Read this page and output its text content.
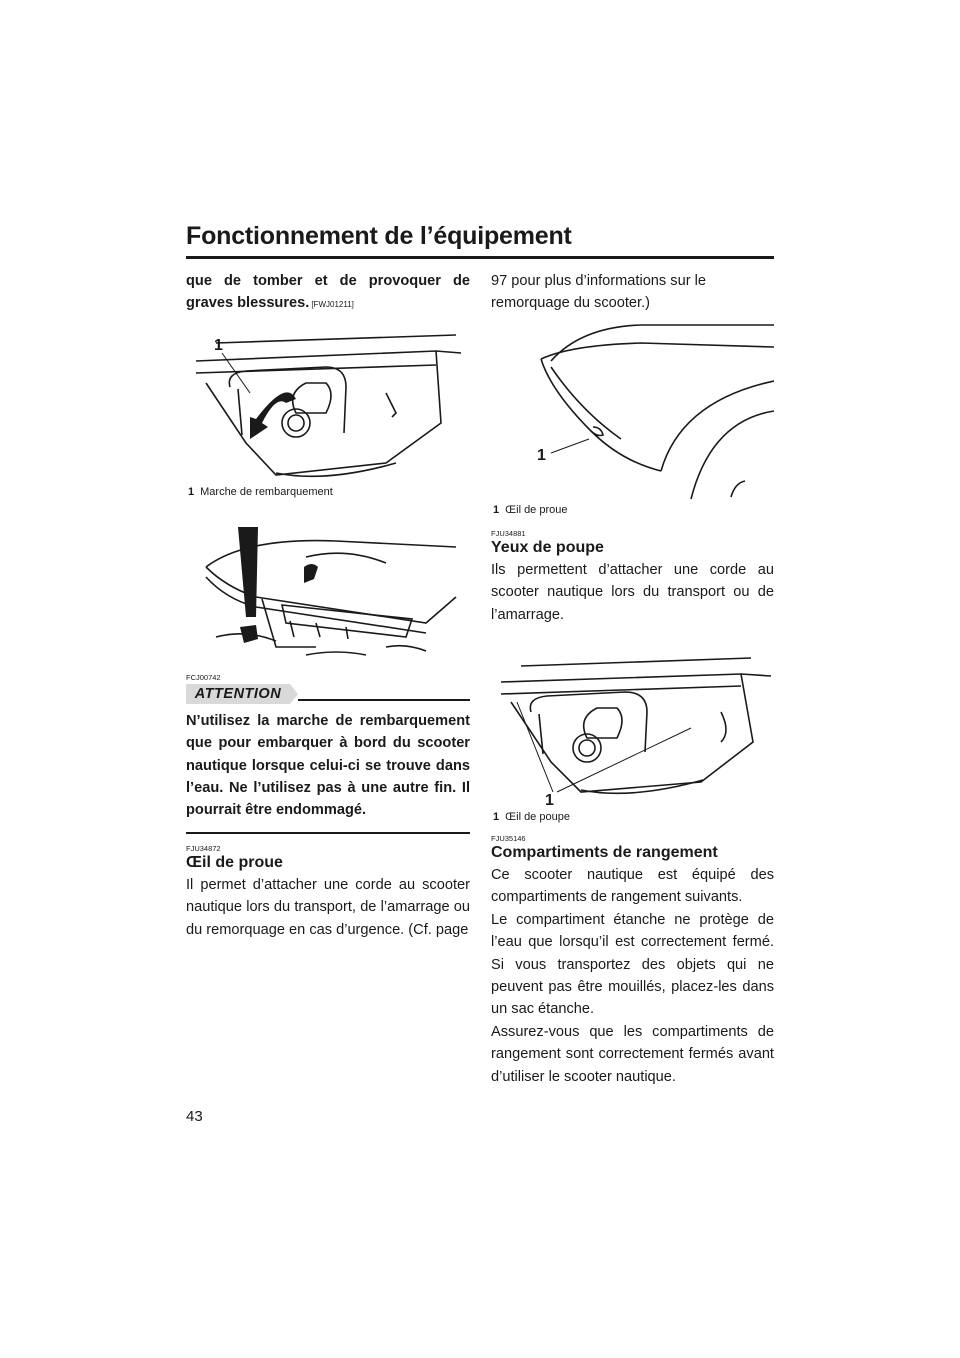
Fonctionnement de l’équipement
que de tomber et de provoquer de graves blessures. [FWJ01211]
1
1 Marche de rembarquement
FCJ00742
ATTENTION
N’utilisez la marche de rembarquement que pour embarquer à bord du scooter nautique lorsque celui-ci se trouve dans l’eau. Ne l’utilisez pas à une autre fin. Il pourrait être endommagé.
FJU34872
Œil de proue
Il permet d’attacher une corde au scooter nautique lors du transport, de l’amarrage ou du remorquage en cas d’urgence. (Cf. page
97 pour plus d’informations sur le remorquage du scooter.)
1
1 Œil de proue
FJU34881
Yeux de poupe
Ils permettent d’attacher une corde au scooter nautique lors du transport ou de l’amarrage.
1
1 Œil de poupe
FJU35146
Compartiments de rangement
Ce scooter nautique est équipé des compartiments de rangement suivants.
Le compartiment étanche ne protège de l’eau que lorsqu’il est correctement fermé. Si vous transportez des objets qui ne peuvent pas être mouillés, placez-les dans un sac étanche.
Assurez-vous que les compartiments de rangement sont correctement fermés avant d’utiliser le scooter nautique.
43
